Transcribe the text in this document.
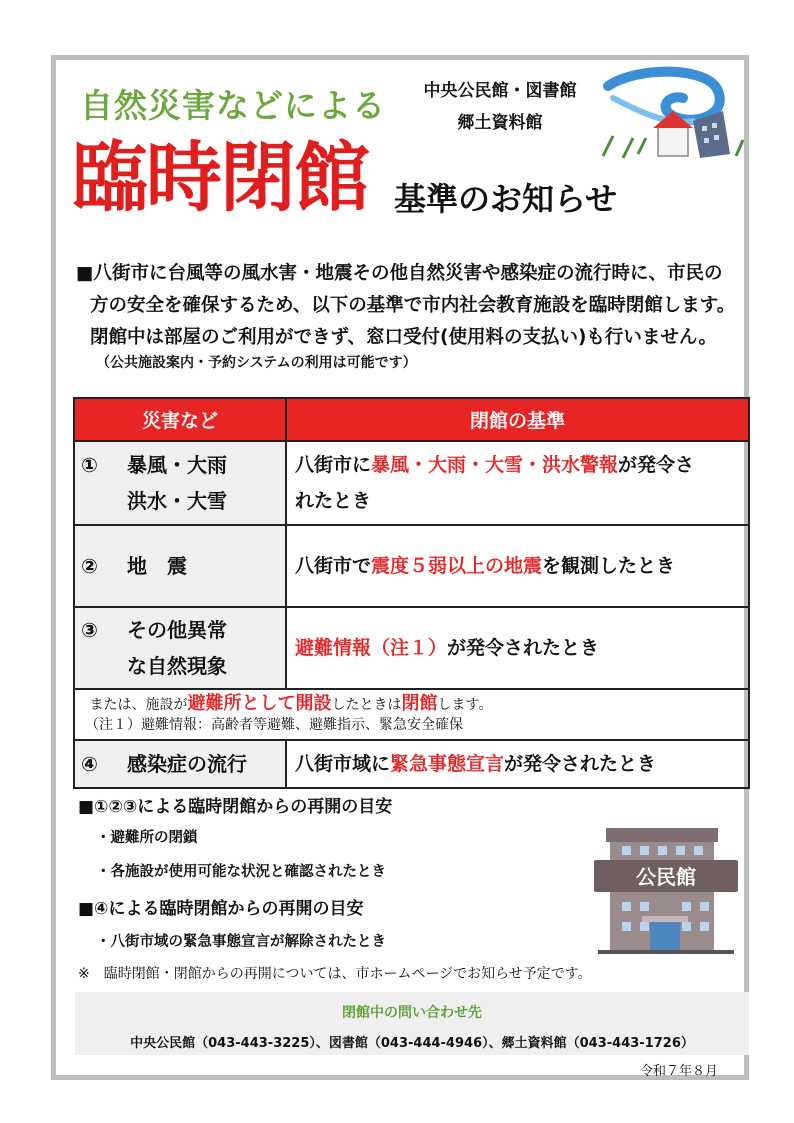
自然災害などによる	中央公民館・図書館
郷土資料館
臨時閉館 基準のお知らせ
■八街市に台風等の風水害・地震その他自然災害や感染症の流行時に、市民の
方の安全を確保するため、以下の基準で市内社会教育施設を臨時閉館します。
閉館中は部屋のご利用ができず、窓口受付(使用料の支払い)も行いません。
（公共施設案内・予約システムの利用は可能です）
災害など	閉館の基準

① 暴風・大雨
洪水・大雪	八街市に暴風・大雨・大雪・洪水警報が発令さ
れたとき

② 地　震	八街市で震度５弱以上の地震を観測したとき

③ その他異常
な自然現象	避難情報（注１）が発令されたとき

または、施設が避難所として開設したときは閉館します。
（注１）避難情報：高齢者等避難、避難指示、緊急安全確保	

④ 感染症の流行	八街市域に緊急事態宣言が発令されたとき
■①②③による臨時閉館からの再開の目安
・避難所の閉鎖
・各施設が使用可能な状況と確認されたとき
■④による臨時閉館からの再開の目安
・八街市域の緊急事態宣言が解除されたとき
※　臨時閉館・閉館からの再開については、市ホームページでお知らせ予定です。
公民館
閉館中の問い合わせ先
中央公民館（043-443-3225）、図書館（043-444-4946）、郷土資料館（043-443-1726）
令和７年８月
